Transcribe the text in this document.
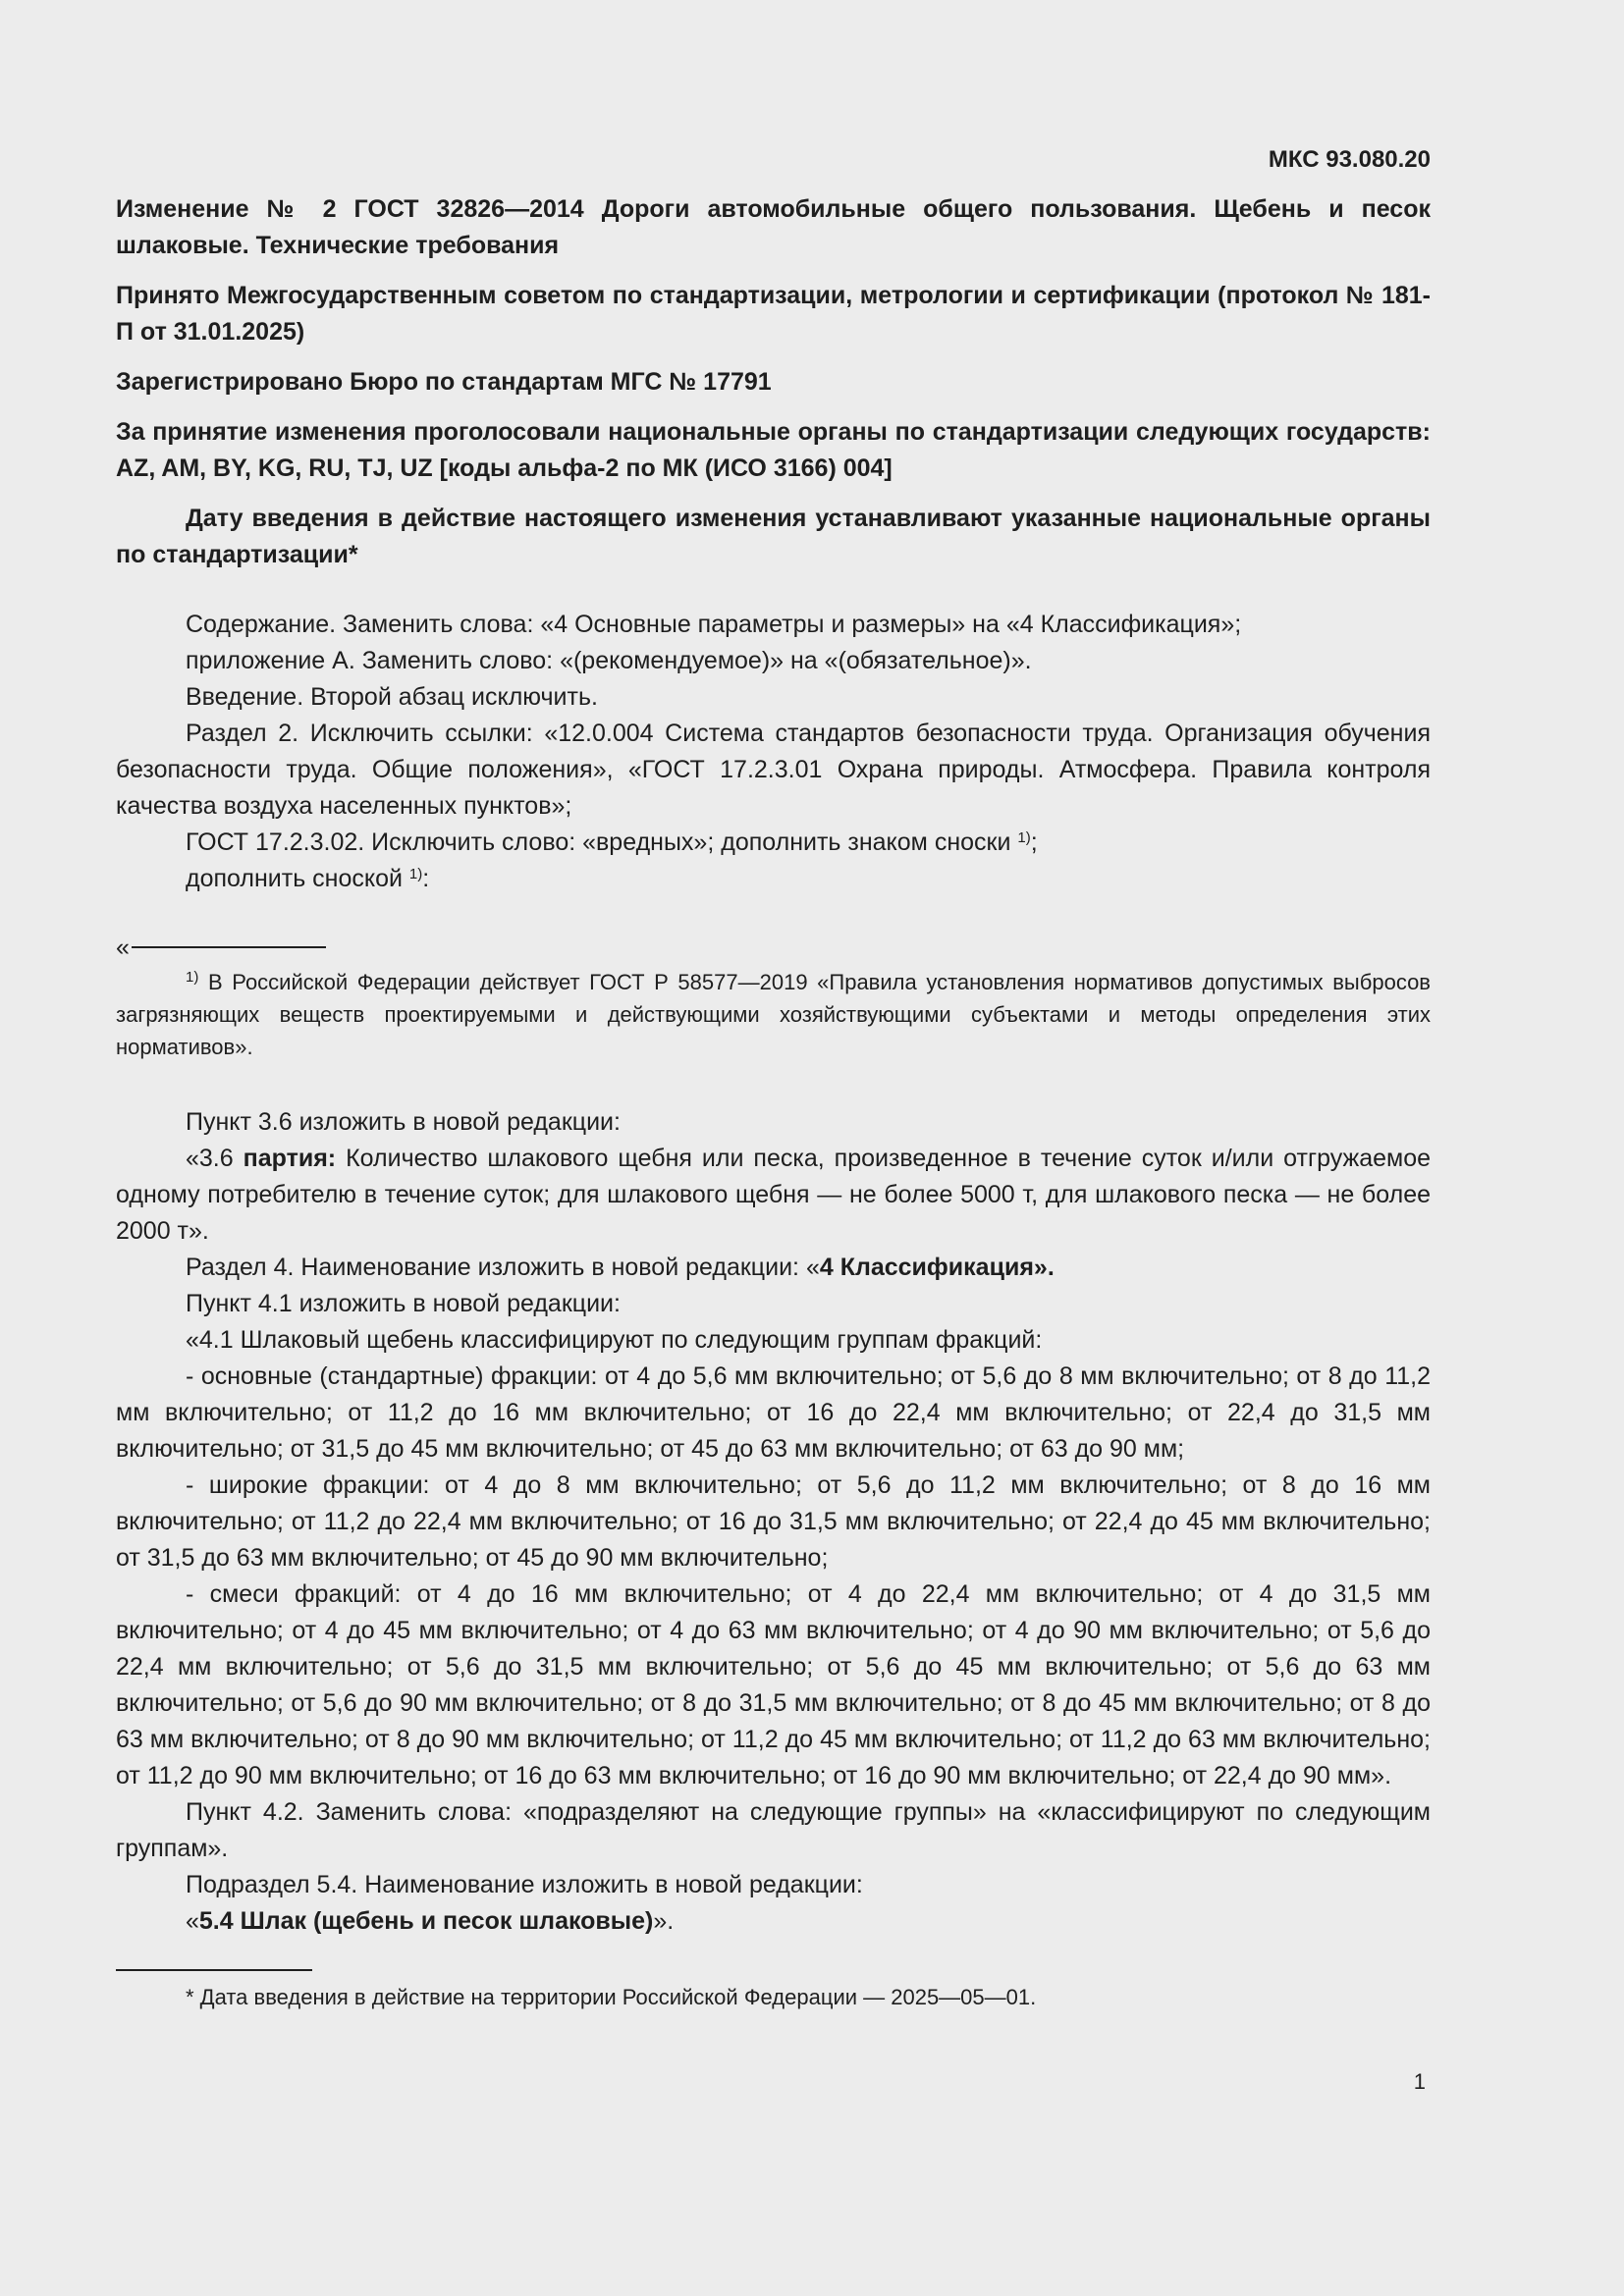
МКС 93.080.20
Изменение № 2 ГОСТ 32826—2014 Дороги автомобильные общего пользования. Щебень и песок шлаковые. Технические требования
Принято Межгосударственным советом по стандартизации, метрологии и сертификации (протокол № 181-П от 31.01.2025)
Зарегистрировано Бюро по стандартам МГС № 17791
За принятие изменения проголосовали национальные органы по стандартизации следующих государств: AZ, AM, BY, KG, RU, TJ, UZ [коды альфа-2 по МК (ИСО 3166) 004]
Дату введения в действие настоящего изменения устанавливают указанные национальные органы по стандартизации*

Содержание. Заменить слова: «4 Основные параметры и размеры» на «4 Классификация»;

приложение А. Заменить слово: «(рекомендуемое)» на «(обязательное)».

Введение. Второй абзац исключить.

Раздел 2. Исключить ссылки: «12.0.004 Система стандартов безопасности труда. Организация обучения безопасности труда. Общие положения», «ГОСТ 17.2.3.01 Охрана природы. Атмосфера. Правила контроля качества воздуха населенных пунктов»;

ГОСТ 17.2.3.02. Исключить слово: «вредных»; дополнить знаком сноски $^{1)}$;

дополнить сноской $^{1)}$:

«

$^{1)}$ В Российской Федерации действует ГОСТ Р 58577—2019 «Правила установления нормативов допустимых выбросов загрязняющих веществ проектируемыми и действующими хозяйствующими субъектами и методы определения этих нормативов».

Пункт 3.6 изложить в новой редакции:

«3.6 партия: Количество шлакового щебня или песка, произведенное в течение суток и/или отгружаемое одному потребителю в течение суток; для шлакового щебня — не более 5000 т, для шлакового песка — не более 2000 т».

Раздел 4. Наименование изложить в новой редакции: «4 Классификация».

Пункт 4.1 изложить в новой редакции:

«4.1 Шлаковый щебень классифицируют по следующим группам фракций:

- основные (стандартные) фракции: от 4 до 5,6 мм включительно; от 5,6 до 8 мм включительно; от 8 до 11,2 мм включительно; от 11,2 до 16 мм включительно; от 16 до 22,4 мм включительно; от 22,4 до 31,5 мм включительно; от 31,5 до 45 мм включительно; от 45 до 63 мм включительно; от 63 до 90 мм;

- широкие фракции: от 4 до 8 мм включительно; от 5,6 до 11,2 мм включительно; от 8 до 16 мм включительно; от 11,2 до 22,4 мм включительно; от 16 до 31,5 мм включительно; от 22,4 до 45 мм включительно; от 31,5 до 63 мм включительно; от 45 до 90 мм включительно;

- смеси фракций: от 4 до 16 мм включительно; от 4 до 22,4 мм включительно; от 4 до 31,5 мм включительно; от 4 до 45 мм включительно; от 4 до 63 мм включительно; от 4 до 90 мм включительно; от 5,6 до 22,4 мм включительно; от 5,6 до 31,5 мм включительно; от 5,6 до 45 мм включительно; от 5,6 до 63 мм включительно; от 5,6 до 90 мм включительно; от 8 до 31,5 мм включительно; от 8 до 45 мм включительно; от 8 до 63 мм включительно; от 8 до 90 мм включительно; от 11,2 до 45 мм включительно; от 11,2 до 63 мм включительно; от 11,2 до 90 мм включительно; от 16 до 63 мм включительно; от 16 до 90 мм включительно; от 22,4 до 90 мм».

Пункт 4.2. Заменить слова: «подразделяют на следующие группы» на «классифицируют по следующим группам».

Подраздел 5.4. Наименование изложить в новой редакции:

«5.4 Шлак (щебень и песок шлаковые)».

* Дата введения в действие на территории Российской Федерации — 2025—05—01.

1
